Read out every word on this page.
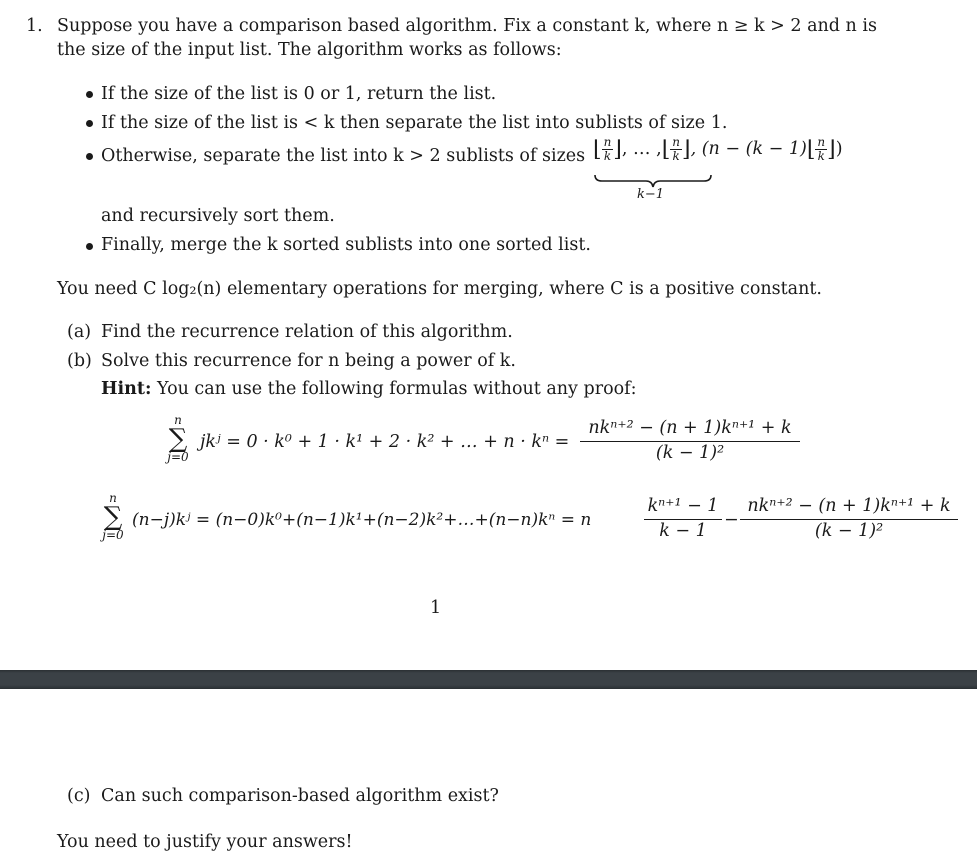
1. Suppose you have a comparison based algorithm. Fix a constant k, where n ≥ k > 2 and n is
the size of the input list. The algorithm works as follows:
If the size of the list is 0 or 1, return the list.
If the size of the list is < k then separate the list into sublists of size 1.
Otherwise, separate the list into k > 2 sublists of sizes ⌊ $\frac{n}{k}$ ⌋ , … , ⌊ $\frac{n}{k}$ ⌋ , (n − (k − 1) ⌊ $\frac{n}{k}$ ⌋ )
k−1
and recursively sort them.
Finally, merge the k sorted sublists into one sorted list.
You need C log₂(n) elementary operations for merging, where C is a positive constant.
(a) Find the recurrence relation of this algorithm.
(b) Solve this recurrence for n being a power of k.
Hint: You can use the following formulas without any proof:
n
∑
j=0
jkʲ = 0 · k⁰ + 1 · k¹ + 2 · k² + … + n · kⁿ =
nkⁿ⁺² − (n + 1)kⁿ⁺¹ + k
(k − 1)²
n
∑
j=0
(n−j)kʲ = (n−0)k⁰+(n−1)k¹+(n−2)k²+…+(n−n)kⁿ = n
kⁿ⁺¹ − 1
k − 1
−
nkⁿ⁺² − (n + 1)kⁿ⁺¹ + k
(k − 1)²
1
(c) Can such comparison-based algorithm exist?
You need to justify your answers!
